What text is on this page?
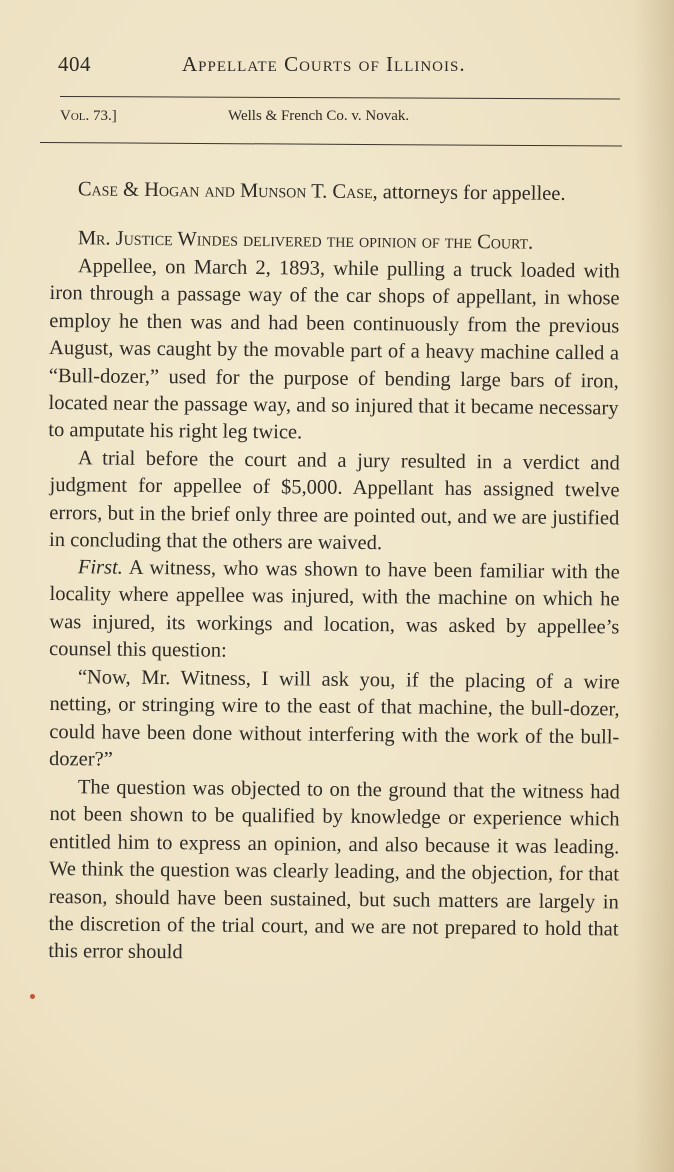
404	Appellate Courts of Illinois.
Vol. 73.]	Wells & French Co. v. Novak.

Case & Hogan and Munson T. Case, attorneys for appellee.

Mr. Justice Windes delivered the opinion of the Court.

Appellee, on March 2, 1893, while pulling a truck loaded with iron through a passage way of the car shops of appellant, in whose employ he then was and had been continuously from the previous August, was caught by the movable part of a heavy machine called a “Bull-dozer,” used for the purpose of bending large bars of iron, located near the passage way, and so injured that it became necessary to amputate his right leg twice.

A trial before the court and a jury resulted in a verdict and judgment for appellee of $5,000. Appellant has assigned twelve errors, but in the brief only three are pointed out, and we are justified in concluding that the others are waived.

First. A witness, who was shown to have been familiar with the locality where appellee was injured, with the machine on which he was injured, its workings and location, was asked by appellee’s counsel this question:

“Now, Mr. Witness, I will ask you, if the placing of a wire netting, or stringing wire to the east of that machine, the bull-dozer, could have been done without interfering with the work of the bull-dozer?”

The question was objected to on the ground that the witness had not been shown to be qualified by knowledge or experience which entitled him to express an opinion, and also because it was leading. We think the question was clearly leading, and the objection, for that reason, should have been sustained, but such matters are largely in the discretion of the trial court, and we are not prepared to hold that this error should
